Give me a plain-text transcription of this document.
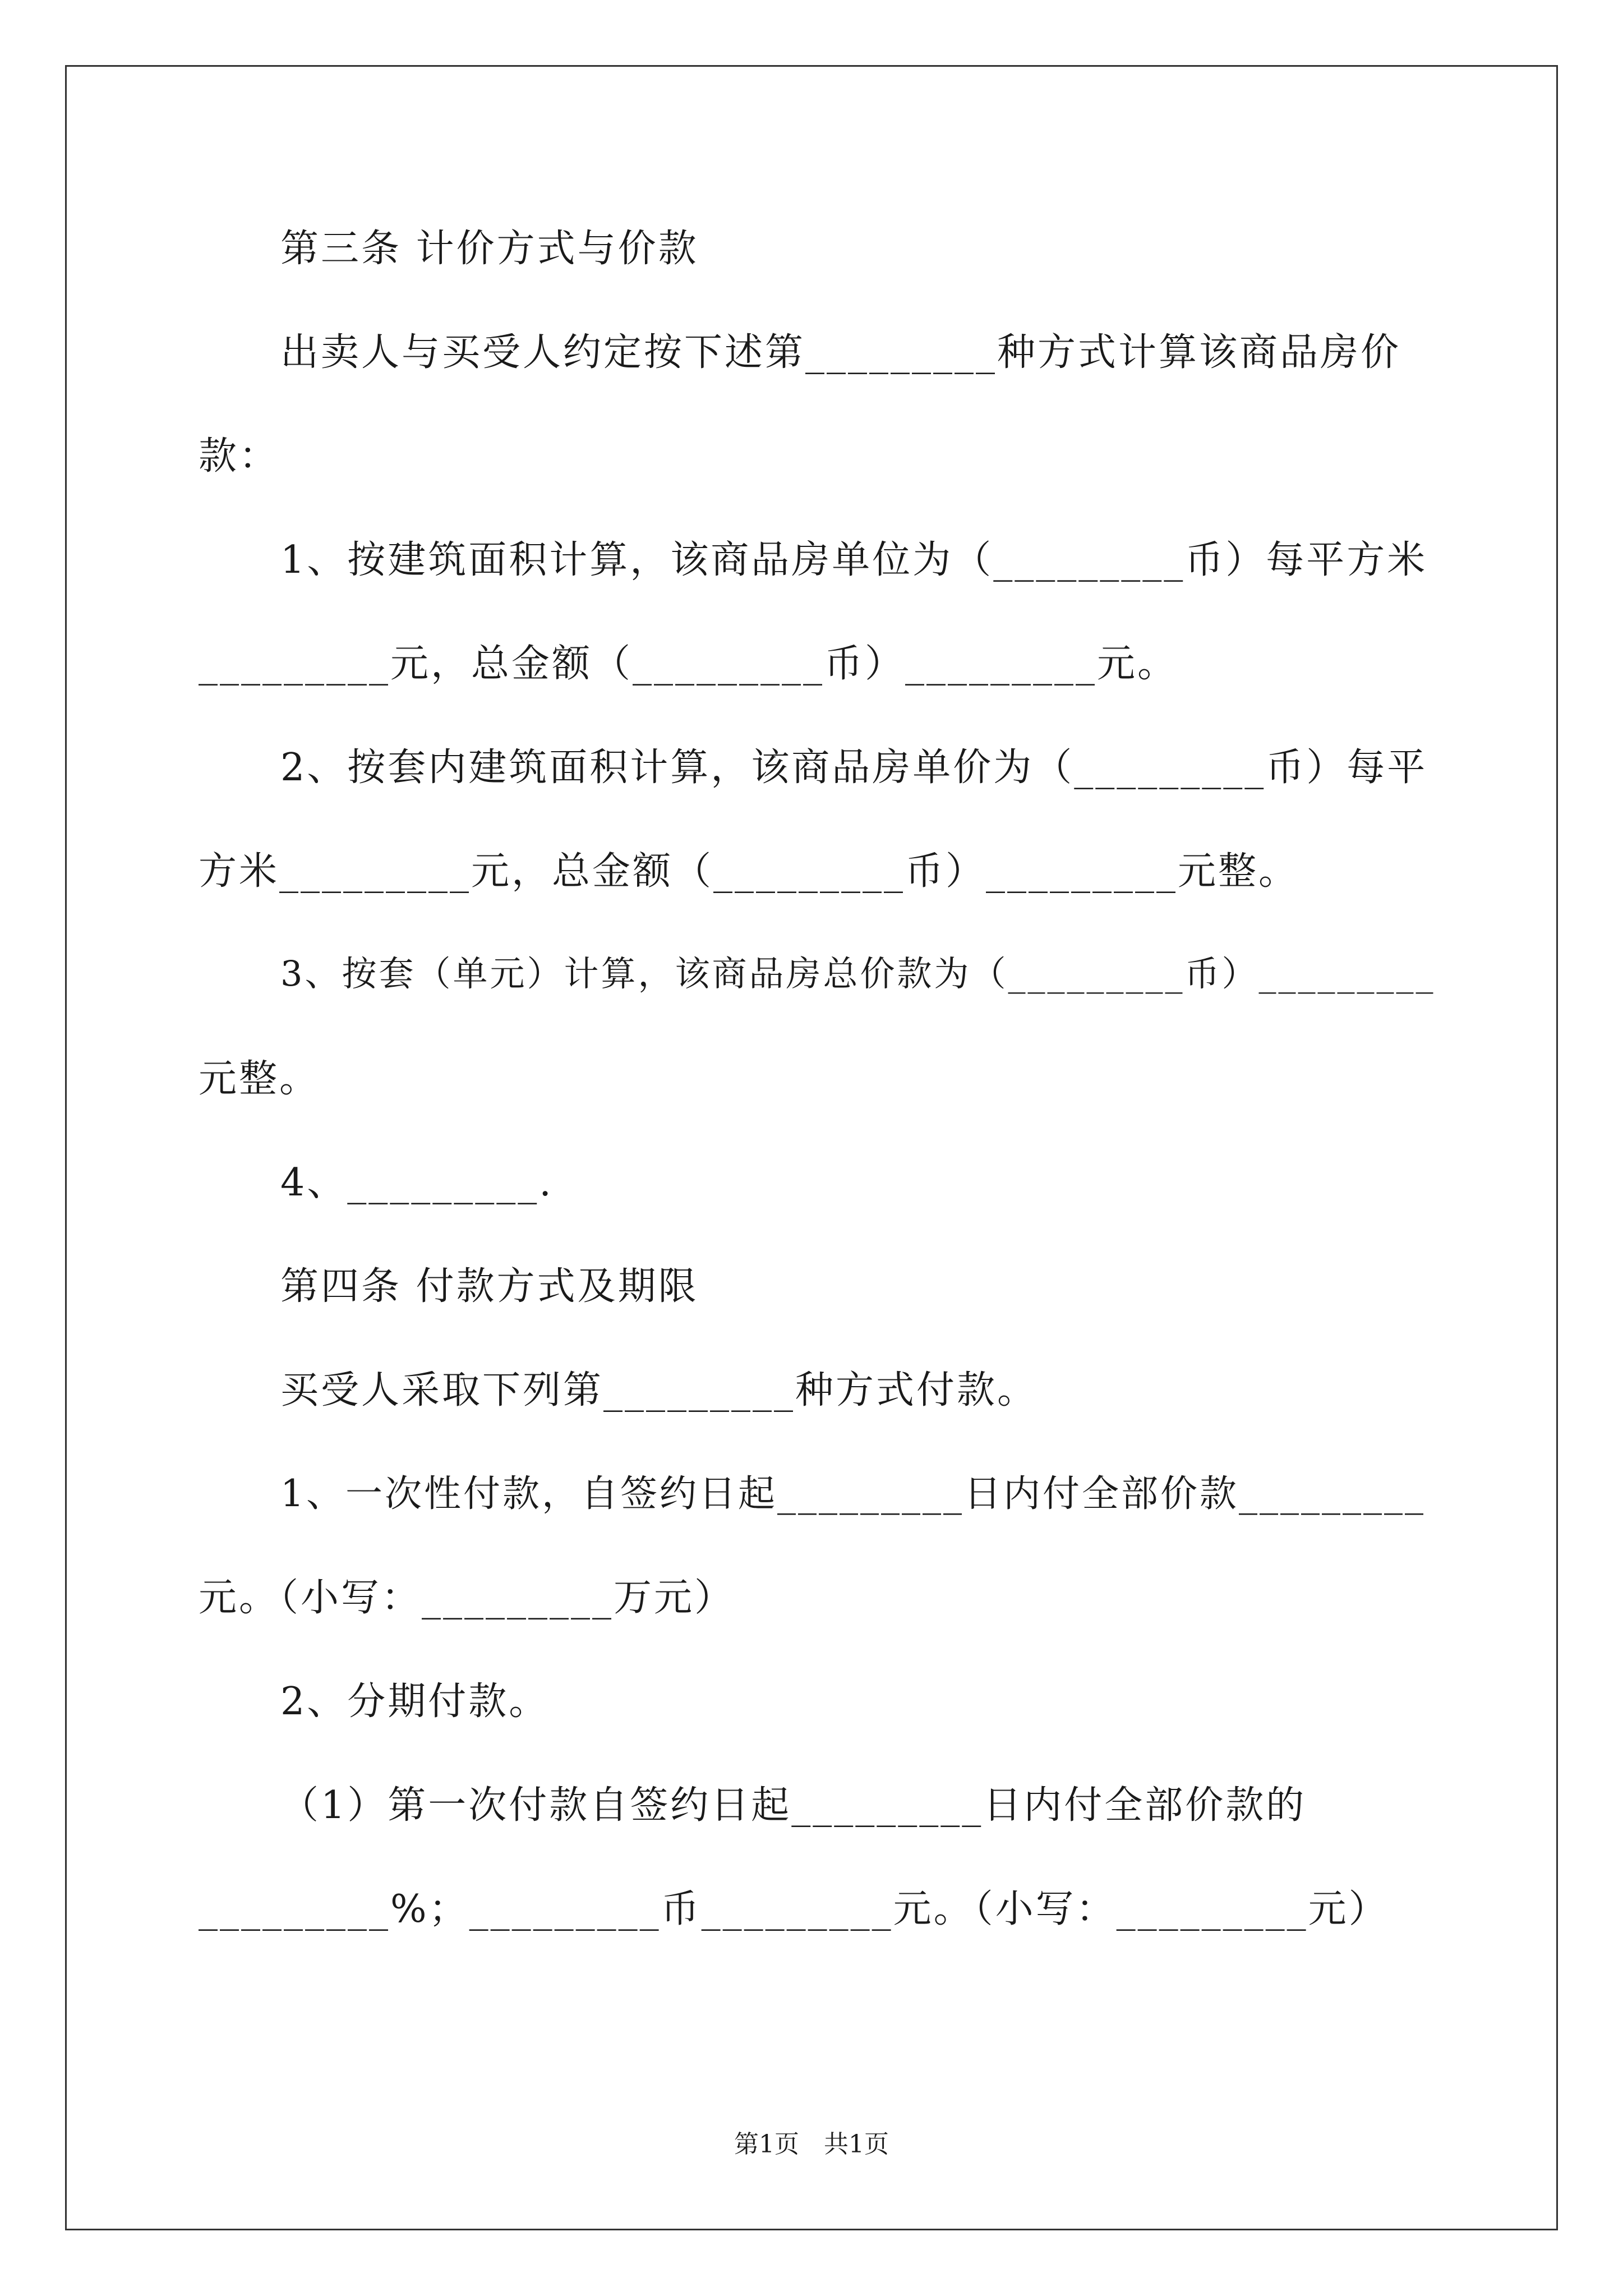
第三条 计价方式与价款
出卖人与买受人约定按下述第_________种方式计算该商品房价
款：
1、按建筑面积计算，该商品房单位为（_________币）每平方米
_________元，总金额（_________币）_________元。
2、按套内建筑面积计算，该商品房单价为（_________币）每平
方米_________元，总金额（_________币）_________元整。
3、按套（单元）计算，该商品房总价款为（_________币）_________
元整。
4、_________.
第四条 付款方式及期限
买受人采取下列第_________种方式付款。
1、一次性付款，自签约日起_________日内付全部价款_________
元。（小写：_________万元）
2、分期付款。
（1）第一次付款自签约日起_________日内付全部价款的
_________%；_________币_________元。（小写：_________元）
第1页　共1页
